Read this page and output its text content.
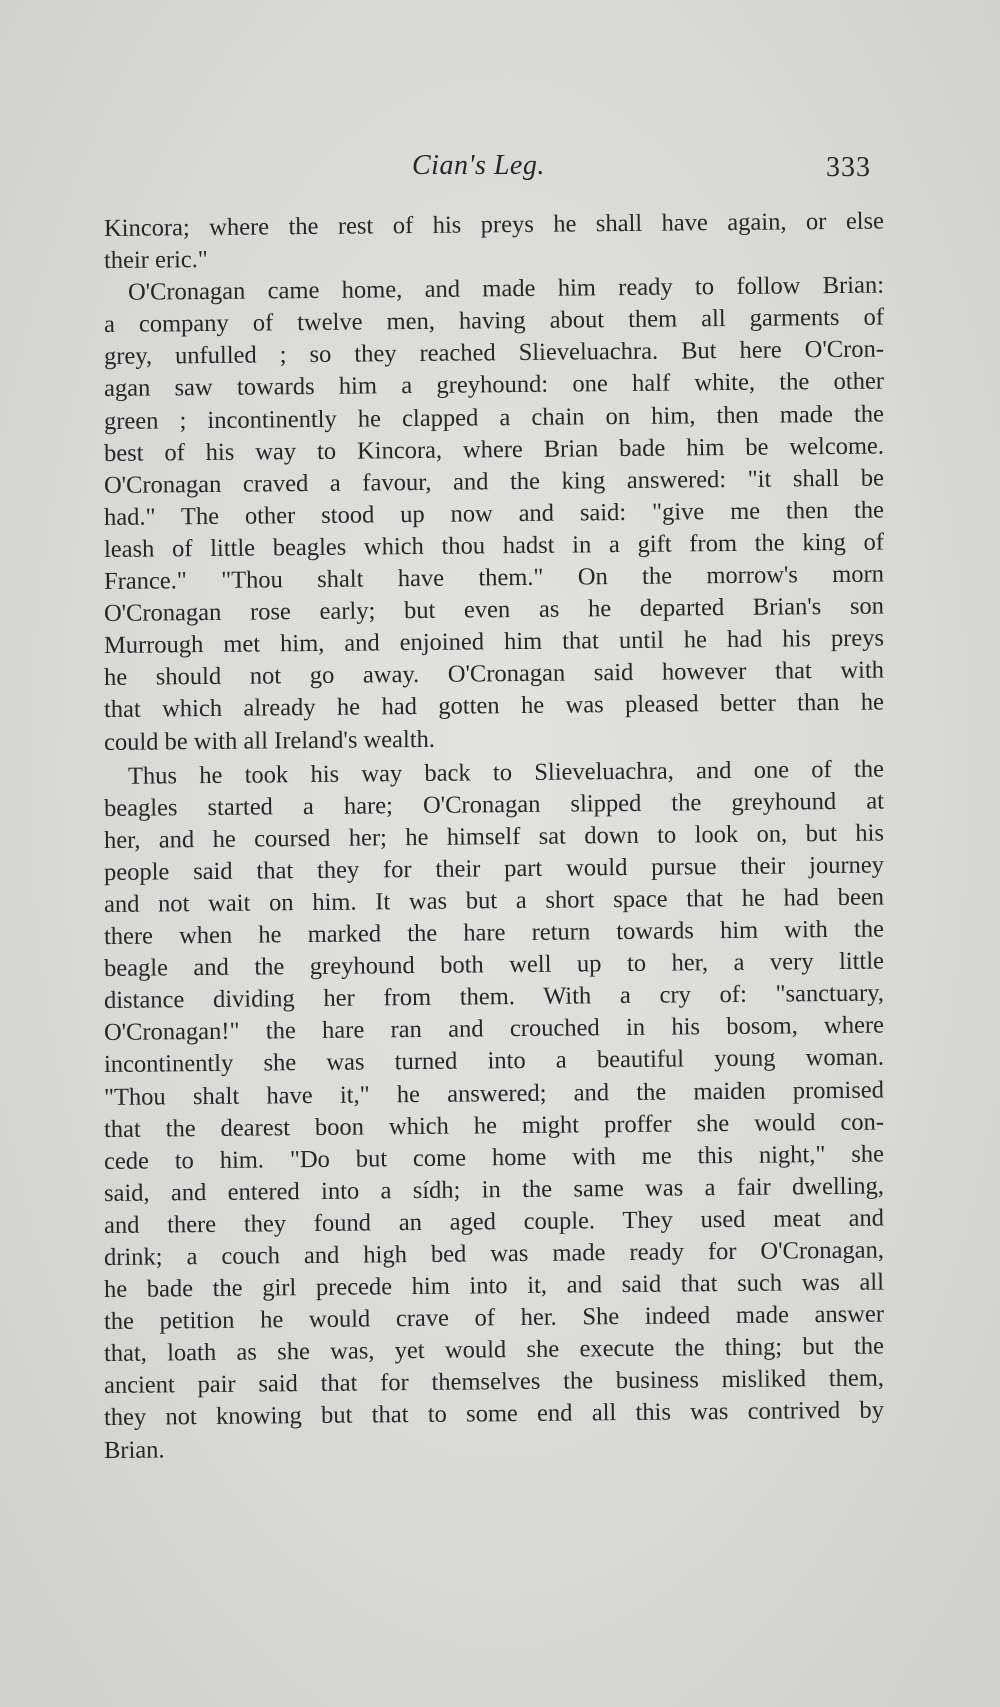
Cian's Leg.	333
Kincora; where the rest of his preys he shall have again, or else
their eric."
O'Cronagan came home, and made him ready to follow Brian:
a company of twelve men, having about them all garments of
grey, unfulled ; so they reached Slieveluachra. But here O'Cron-
agan saw towards him a greyhound: one half white, the other
green ; incontinently he clapped a chain on him, then made the
best of his way to Kincora, where Brian bade him be welcome.
O'Cronagan craved a favour, and the king answered: "it shall be
had." The other stood up now and said: "give me then the
leash of little beagles which thou hadst in a gift from the king of
France." "Thou shalt have them." On the morrow's morn
O'Cronagan rose early; but even as he departed Brian's son
Murrough met him, and enjoined him that until he had his preys
he should not go away. O'Cronagan said however that with
that which already he had gotten he was pleased better than he
could be with all Ireland's wealth.
Thus he took his way back to Slieveluachra, and one of the
beagles started a hare; O'Cronagan slipped the greyhound at
her, and he coursed her; he himself sat down to look on, but his
people said that they for their part would pursue their journey
and not wait on him. It was but a short space that he had been
there when he marked the hare return towards him with the
beagle and the greyhound both well up to her, a very little
distance dividing her from them. With a cry of: "sanctuary,
O'Cronagan!" the hare ran and crouched in his bosom, where
incontinently she was turned into a beautiful young woman.
"Thou shalt have it," he answered; and the maiden promised
that the dearest boon which he might proffer she would con-
cede to him. "Do but come home with me this night," she
said, and entered into a sídh; in the same was a fair dwelling,
and there they found an aged couple. They used meat and
drink; a couch and high bed was made ready for O'Cronagan,
he bade the girl precede him into it, and said that such was all
the petition he would crave of her. She indeed made answer
that, loath as she was, yet would she execute the thing; but the
ancient pair said that for themselves the business misliked them,
they not knowing but that to some end all this was contrived by
Brian.
